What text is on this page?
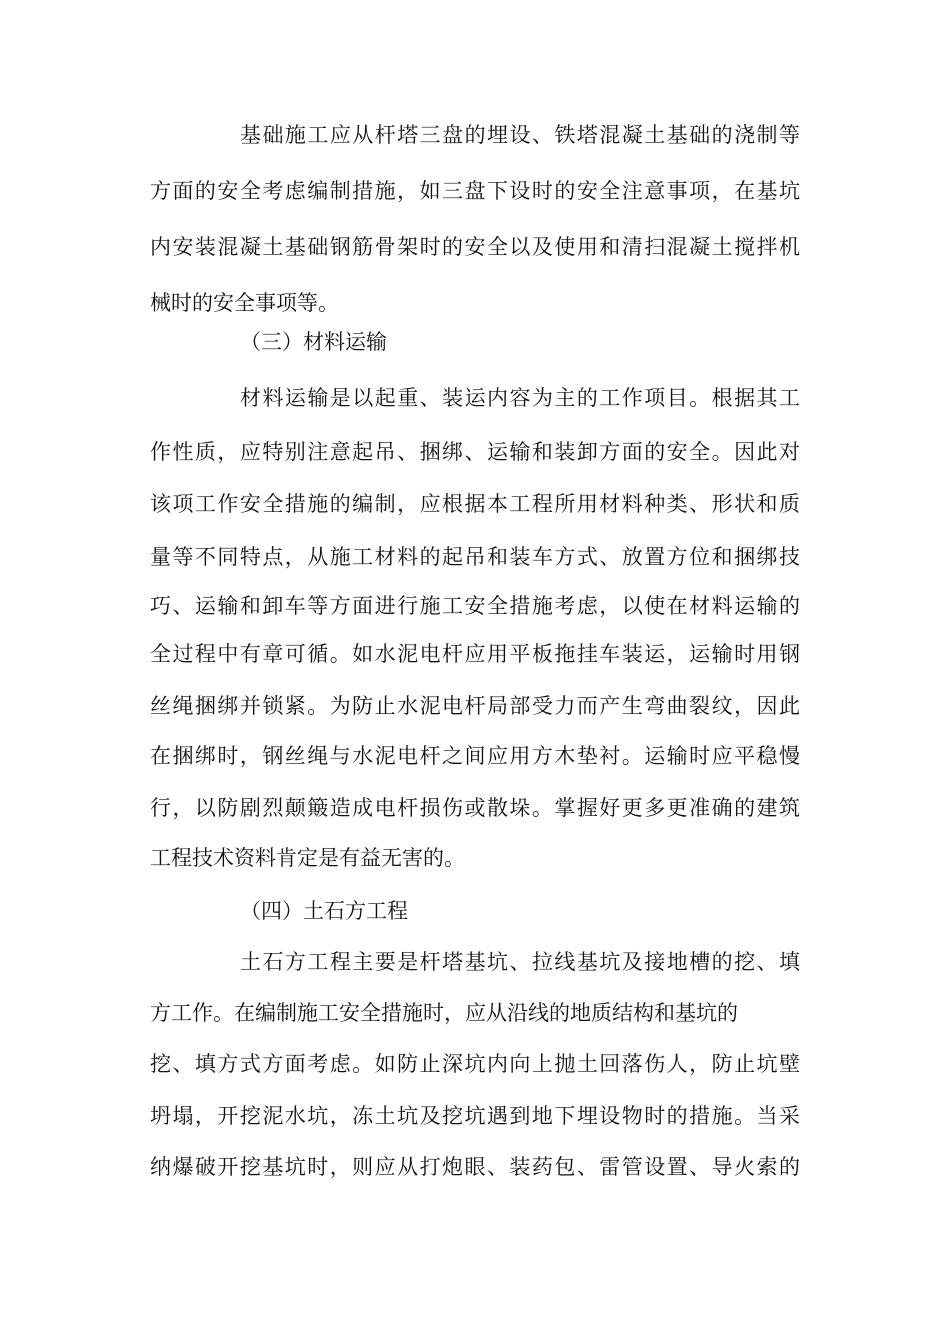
基础施工应从杆塔三盘的埋设、铁塔混凝土基础的浇制等
方面的安全考虑编制措施，如三盘下设时的安全注意事项，在基坑
内安装混凝土基础钢筋骨架时的安全以及使用和清扫混凝土搅拌机
械时的安全事项等。
（三）材料运输
材料运输是以起重、装运内容为主的工作项目。根据其工
作性质，应特别注意起吊、捆绑、运输和装卸方面的安全。因此对
该项工作安全措施的编制，应根据本工程所用材料种类、形状和质
量等不同特点，从施工材料的起吊和装车方式、放置方位和捆绑技
巧、运输和卸车等方面进行施工安全措施考虑，以使在材料运输的
全过程中有章可循。如水泥电杆应用平板拖挂车装运，运输时用钢
丝绳捆绑并锁紧。为防止水泥电杆局部受力而产生弯曲裂纹，因此
在捆绑时，钢丝绳与水泥电杆之间应用方木垫衬。运输时应平稳慢
行，以防剧烈颠簸造成电杆损伤或散垛。掌握好更多更准确的建筑
工程技术资料肯定是有益无害的。
（四）土石方工程
土石方工程主要是杆塔基坑、拉线基坑及接地槽的挖、填
方工作。在编制施工安全措施时，应从沿线的地质结构和基坑的
挖、填方式方面考虑。如防止深坑内向上抛土回落伤人，防止坑壁
坍塌，开挖泥水坑，冻土坑及挖坑遇到地下埋设物时的措施。当采
纳爆破开挖基坑时，则应从打炮眼、装药包、雷管设置、导火索的
